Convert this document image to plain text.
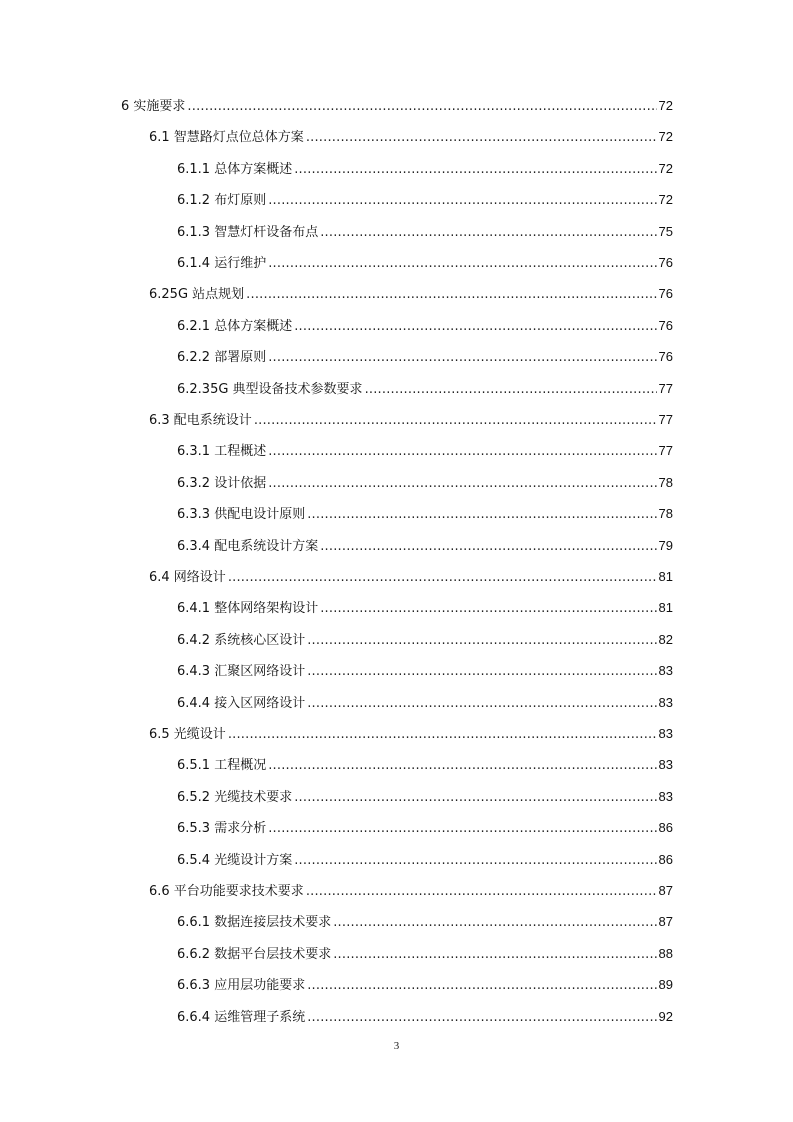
6 实施要求 .....	72
6.1 智慧路灯点位总体方案 .....	72
6.1.1 总体方案概述 .....	72
6.1.2 布灯原则 .....	72
6.1.3 智慧灯杆设备布点 .....	75
6.1.4 运行维护 .....	76
6.25G 站点规划 .....	76
6.2.1 总体方案概述 .....	76
6.2.2 部署原则 .....	76
6.2.35G 典型设备技术参数要求 .....	77
6.3 配电系统设计 .....	77
6.3.1 工程概述 .....	77
6.3.2 设计依据 .....	78
6.3.3 供配电设计原则 .....	78
6.3.4 配电系统设计方案 .....	79
6.4 网络设计 .....	81
6.4.1 整体网络架构设计 .....	81
6.4.2 系统核心区设计 .....	82
6.4.3 汇聚区网络设计 .....	83
6.4.4 接入区网络设计 .....	83
6.5 光缆设计 .....	83
6.5.1 工程概况 .....	83
6.5.2 光缆技术要求 .....	83
6.5.3 需求分析 .....	86
6.5.4 光缆设计方案 .....	86
6.6 平台功能要求技术要求 .....	87
6.6.1 数据连接层技术要求 .....	87
6.6.2 数据平台层技术要求 .....	88
6.6.3 应用层功能要求 .....	89
6.6.4 运维管理子系统 .....	92
3
